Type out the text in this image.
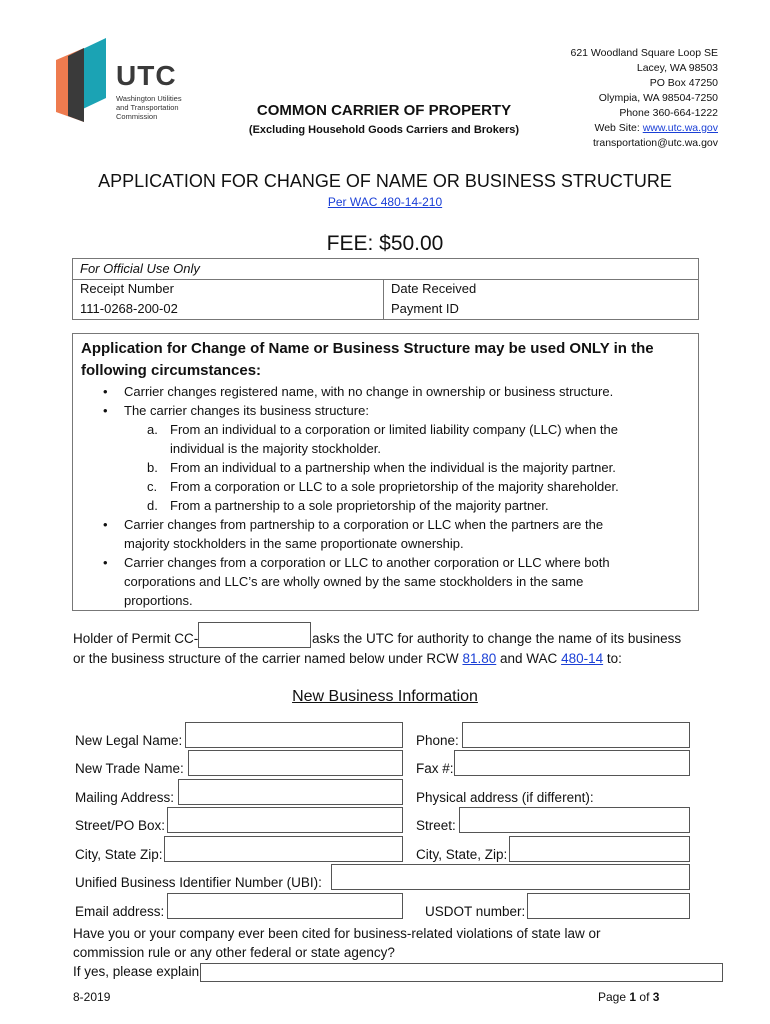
UTC
Washington Utilities
and Transportation
Commission	COMMON CARRIER OF PROPERTY
(Excluding Household Goods Carriers and Brokers)
621 Woodland Square Loop SE
Lacey, WA 98503
PO Box 47250
Olympia, WA 98504-7250
Phone 360-664-1222
Web Site: www.utc.wa.gov
transportation@utc.wa.gov
APPLICATION FOR CHANGE OF NAME OR BUSINESS STRUCTURE
Per WAC 480-14-210
FEE: $50.00
For Official Use Only
Receipt Number	Date Received
111-0268-200-02	Payment ID
Application for Change of Name or Business Structure may be used ONLY in the
following circumstances:
• Carrier changes registered name, with no change in ownership or business structure.
• The carrier changes its business structure:
a. From an individual to a corporation or limited liability company (LLC) when the
individual is the majority stockholder.
b. From an individual to a partnership when the individual is the majority partner.
c. From a corporation or LLC to a sole proprietorship of the majority shareholder.
d. From a partnership to a sole proprietorship of the majority partner.
• Carrier changes from partnership to a corporation or LLC when the partners are the
majority stockholders in the same proportionate ownership.
• Carrier changes from a corporation or LLC to another corporation or LLC where both
corporations and LLC’s are wholly owned by the same stockholders in the same
proportions.
Holder of Permit CC-	asks the UTC for authority to change the name of its business
or the business structure of the carrier named below under RCW 81.80 and WAC 480-14 to:
New Business Information
New Legal Name:	Phone:
New Trade Name:	Fax #:
Mailing Address:	Physical address (if different):
Street/PO Box:	Street:
City, State Zip:	City, State, Zip:
Unified Business Identifier Number (UBI):
Email address:	USDOT number:
Have you or your company ever been cited for business-related violations of state law or
commission rule or any other federal or state agency?
If yes, please explain
8-2019	Page 1 of 3
